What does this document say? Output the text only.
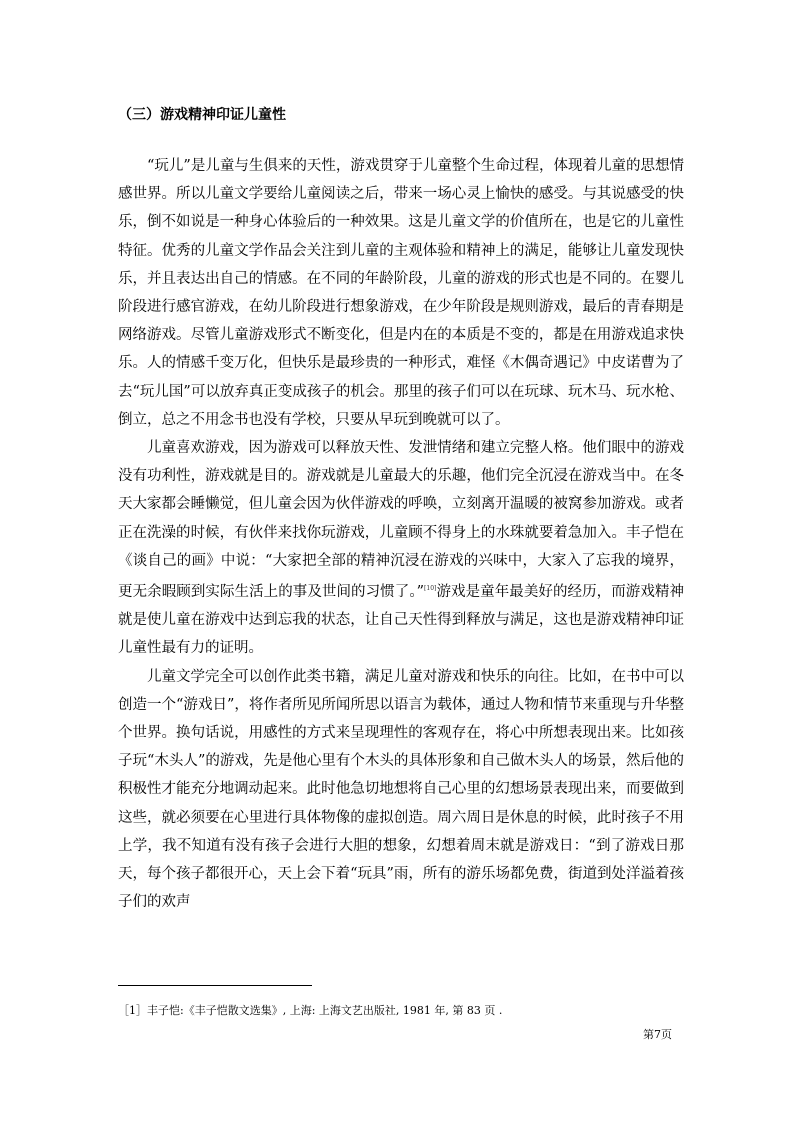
（三）游戏精神印证儿童性

“玩儿”是儿童与生俱来的天性，游戏贯穿于儿童整个生命过程，体现着儿童的思想情感世界。所以儿童文学要给儿童阅读之后，带来一场心灵上愉快的感受。与其说感受的快乐，倒不如说是一种身心体验后的一种效果。这是儿童文学的价值所在，也是它的儿童性特征。优秀的儿童文学作品会关注到儿童的主观体验和精神上的满足，能够让儿童发现快乐，并且表达出自己的情感。在不同的年龄阶段，儿童的游戏的形式也是不同的。在婴儿阶段进行感官游戏，在幼儿阶段进行想象游戏，在少年阶段是规则游戏，最后的青春期是网络游戏。尽管儿童游戏形式不断变化，但是内在的本质是不变的，都是在用游戏追求快乐。人的情感千变万化，但快乐是最珍贵的一种形式，难怪《木偶奇遇记》中皮诺曹为了去“玩儿国”可以放弃真正变成孩子的机会。那里的孩子们可以在玩球、玩木马、玩水枪、倒立，总之不用念书也没有学校，只要从早玩到晚就可以了。

儿童喜欢游戏，因为游戏可以释放天性、发泄情绪和建立完整人格。他们眼中的游戏没有功利性，游戏就是目的。游戏就是儿童最大的乐趣，他们完全沉浸在游戏当中。在冬天大家都会睡懒觉，但儿童会因为伙伴游戏的呼唤，立刻离开温暖的被窝参加游戏。或者正在洗澡的时候，有伙伴来找你玩游戏，儿童顾不得身上的水珠就要着急加入。丰子恺在《谈自己的画》中说：“大家把全部的精神沉浸在游戏的兴味中，大家入了忘我的境界，更无余暇顾到实际生活上的事及世间的习惯了。”[10]游戏是童年最美好的经历，而游戏精神就是使儿童在游戏中达到忘我的状态，让自己天性得到释放与满足，这也是游戏精神印证儿童性最有力的证明。

儿童文学完全可以创作此类书籍，满足儿童对游戏和快乐的向往。比如，在书中可以创造一个“游戏日”，将作者所见所闻所思以语言为载体，通过人物和情节来重现与升华整个世界。换句话说，用感性的方式来呈现理性的客观存在，将心中所想表现出来。比如孩子玩“木头人”的游戏，先是他心里有个木头的具体形象和自己做木头人的场景，然后他的积极性才能充分地调动起来。此时他急切地想将自己心里的幻想场景表现出来，而要做到这些，就必须要在心里进行具体物像的虚拟创造。周六周日是休息的时候，此时孩子不用上学，我不知道有没有孩子会进行大胆的想象，幻想着周末就是游戏日：“到了游戏日那天，每个孩子都很开心，天上会下着“玩具”雨，所有的游乐场都免费，街道到处洋溢着孩子们的欢声

［1］丰子恺:《丰子恺散文选集》, 上海: 上海文艺出版社, 1981 年, 第 83 页 .
第7页
